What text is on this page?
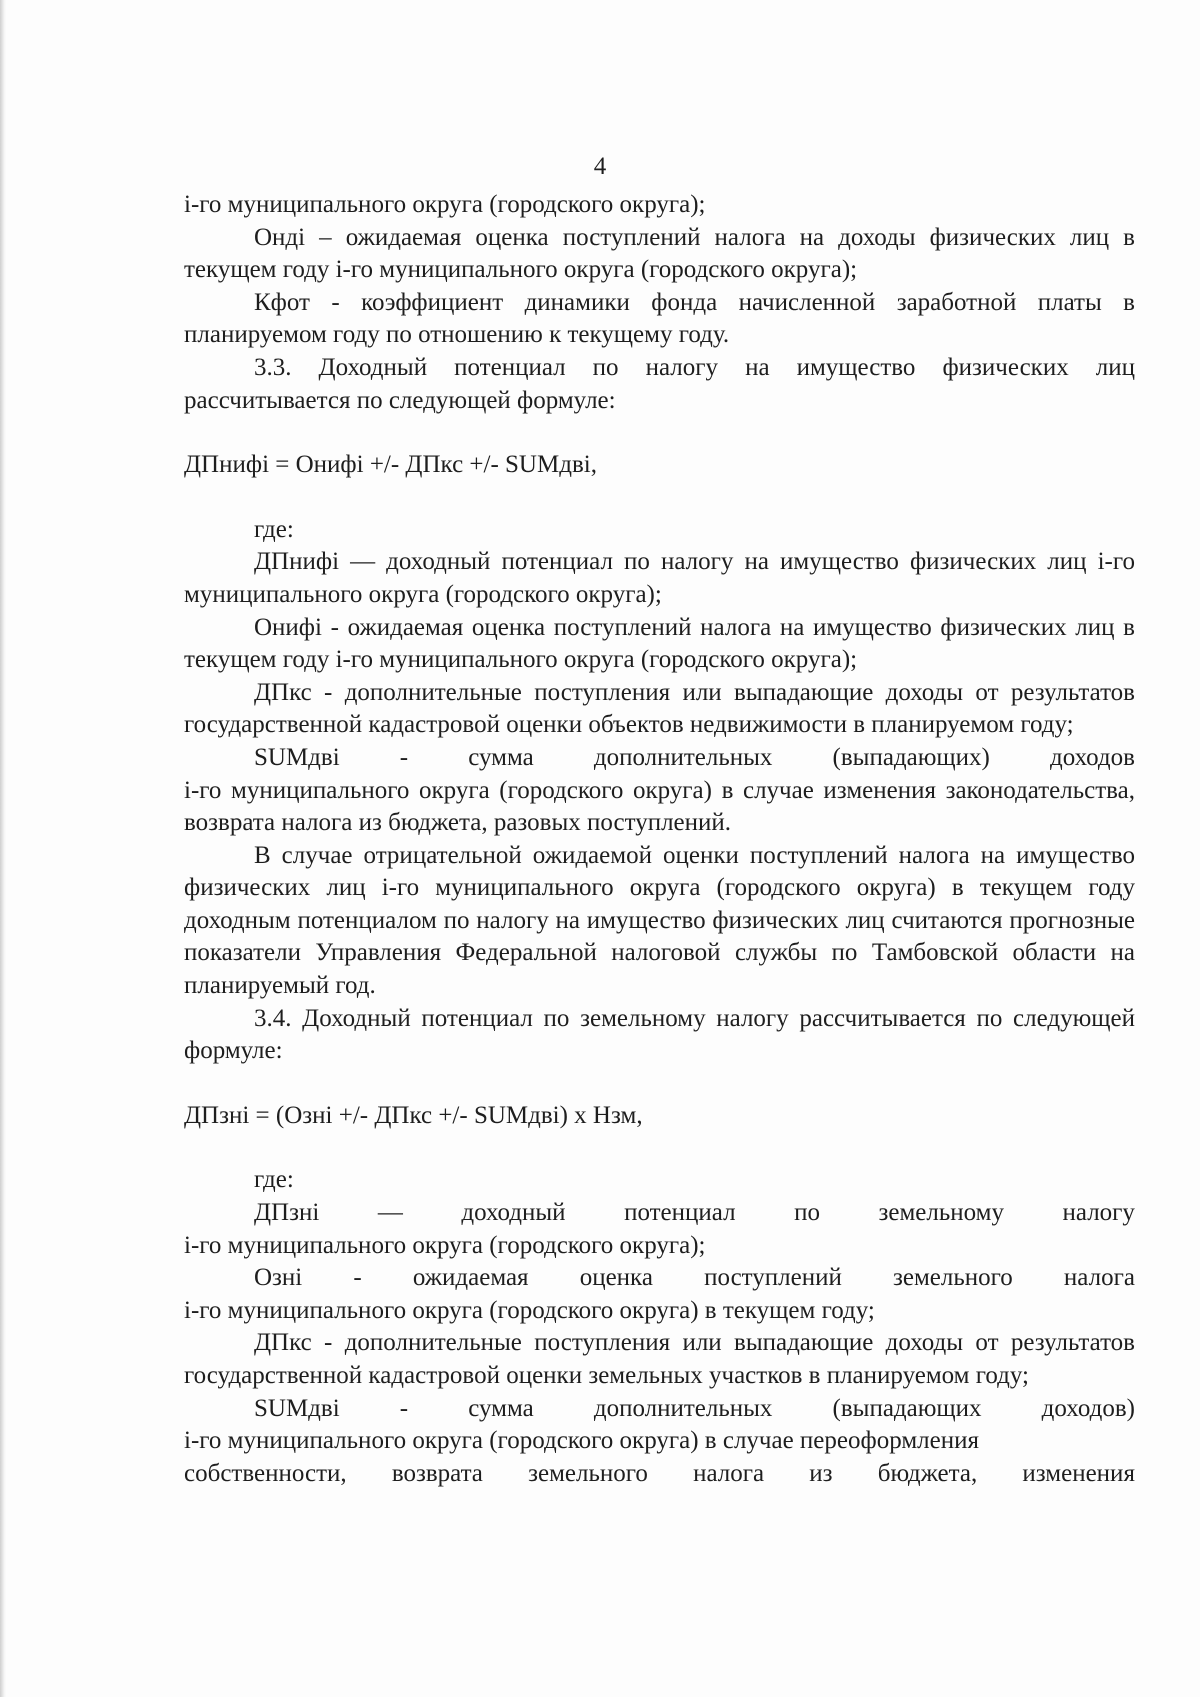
4

i-го муниципального округа (городского округа);

Онді – ожидаемая оценка поступлений налога на доходы физических лиц в текущем году i-го муниципального округа (городского округа);

Кфот - коэффициент динамики фонда начисленной заработной платы в планируемом году по отношению к текущему году.

3.3. Доходный потенциал по налогу на имущество физических лиц рассчитывается по следующей формуле:

ДПнифі = Онифі +/- ДПкс +/- SUMдві,

где:

ДПнифі — доходный потенциал по налогу на имущество физических лиц i-го муниципального округа (городского округа);

Онифі - ожидаемая оценка поступлений налога на имущество физических лиц в текущем году i-го муниципального округа (городского округа);

ДПкс - дополнительные поступления или выпадающие доходы от результатов государственной кадастровой оценки объектов недвижимости в планируемом году;

SUMдві - сумма дополнительных (выпадающих) доходов

i-го муниципального округа (городского округа) в случае изменения законодательства, возврата налога из бюджета, разовых поступлений.

В случае отрицательной ожидаемой оценки поступлений налога на имущество физических лиц i-го муниципального округа (городского округа) в текущем году доходным потенциалом по налогу на имущество физических лиц считаются прогнозные показатели Управления Федеральной налоговой службы по Тамбовской области на планируемый год.

3.4. Доходный потенциал по земельному налогу рассчитывается по следующей формуле:

ДПзні = (Озні +/- ДПкс +/- SUMдві) х Нзм,

где:

ДПзні — доходный потенциал по земельному налогу

i-го муниципального округа (городского округа);

Озні - ожидаемая оценка поступлений земельного налога

i-го муниципального округа (городского округа) в текущем году;

ДПкс - дополнительные поступления или выпадающие доходы от результатов государственной кадастровой оценки земельных участков в планируемом году;

SUMдві - сумма дополнительных (выпадающих доходов)

i-го муниципального округа (городского округа) в случае переоформления

собственности, возврата земельного налога из бюджета, изменения
